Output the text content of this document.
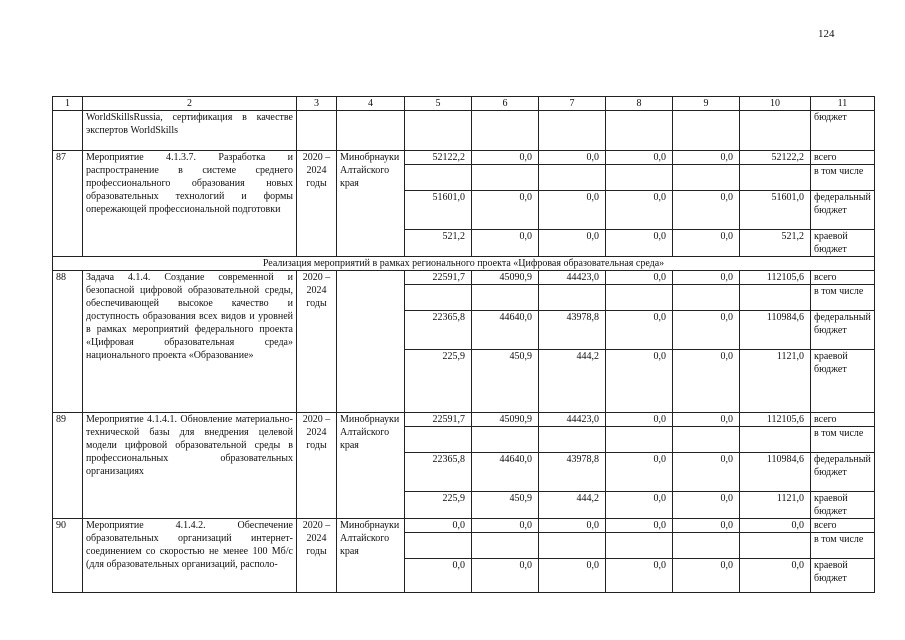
124
1	2	3	4	5	6	7	8	9	10	11
	WorldSkillsRussia, сертификация в качестве экспертов WorldSkills									бюджет
87	Мероприятие 4.1.3.7. Разработка и распространение в системе среднего профессионального образования новых образовательных технологий и формы опережающей профессиональной подготовки	2020 – 2024 годы	Минобрнауки Алтайского края	52122,2	0,0	0,0	0,0	0,0	52122,2	всего
										в том числе
				51601,0	0,0	0,0	0,0	0,0	51601,0	федеральный бюджет
				521,2	0,0	0,0	0,0	0,0	521,2	краевой бюджет
Реализация мероприятий в рамках регионального проекта «Цифровая образовательная среда»										
88	Задача 4.1.4. Создание современной и безопасной цифровой образовательной среды, обеспечивающей высокое качество и доступность образования всех видов и уровней в рамках мероприятий федерального проекта «Цифровая образовательная среда» национального проекта «Образование»	2020 – 2024 годы		22591,7	45090,9	44423,0	0,0	0,0	112105,6	всего
										в том числе
				22365,8	44640,0	43978,8	0,0	0,0	110984,6	федеральный бюджет
				225,9	450,9	444,2	0,0	0,0	1121,0	краевой бюджет
89	Мероприятие 4.1.4.1. Обновление материально-технической базы для внедрения целевой модели цифровой образовательной среды в профессиональных образовательных организациях	2020 – 2024 годы	Минобрнауки Алтайского края	22591,7	45090,9	44423,0	0,0	0,0	112105,6	всего
										в том числе
				22365,8	44640,0	43978,8	0,0	0,0	110984,6	федеральный бюджет
				225,9	450,9	444,2	0,0	0,0	1121,0	краевой бюджет
90	Мероприятие 4.1.4.2. Обеспечение образовательных организаций интернет-соединением со скоростью не менее 100 Мб/с (для образовательных организаций, располо-	2020 – 2024 годы	Минобрнауки Алтайского края	0,0	0,0	0,0	0,0	0,0	0,0	всего
										в том числе
				0,0	0,0	0,0	0,0	0,0	0,0	краевой бюджет
